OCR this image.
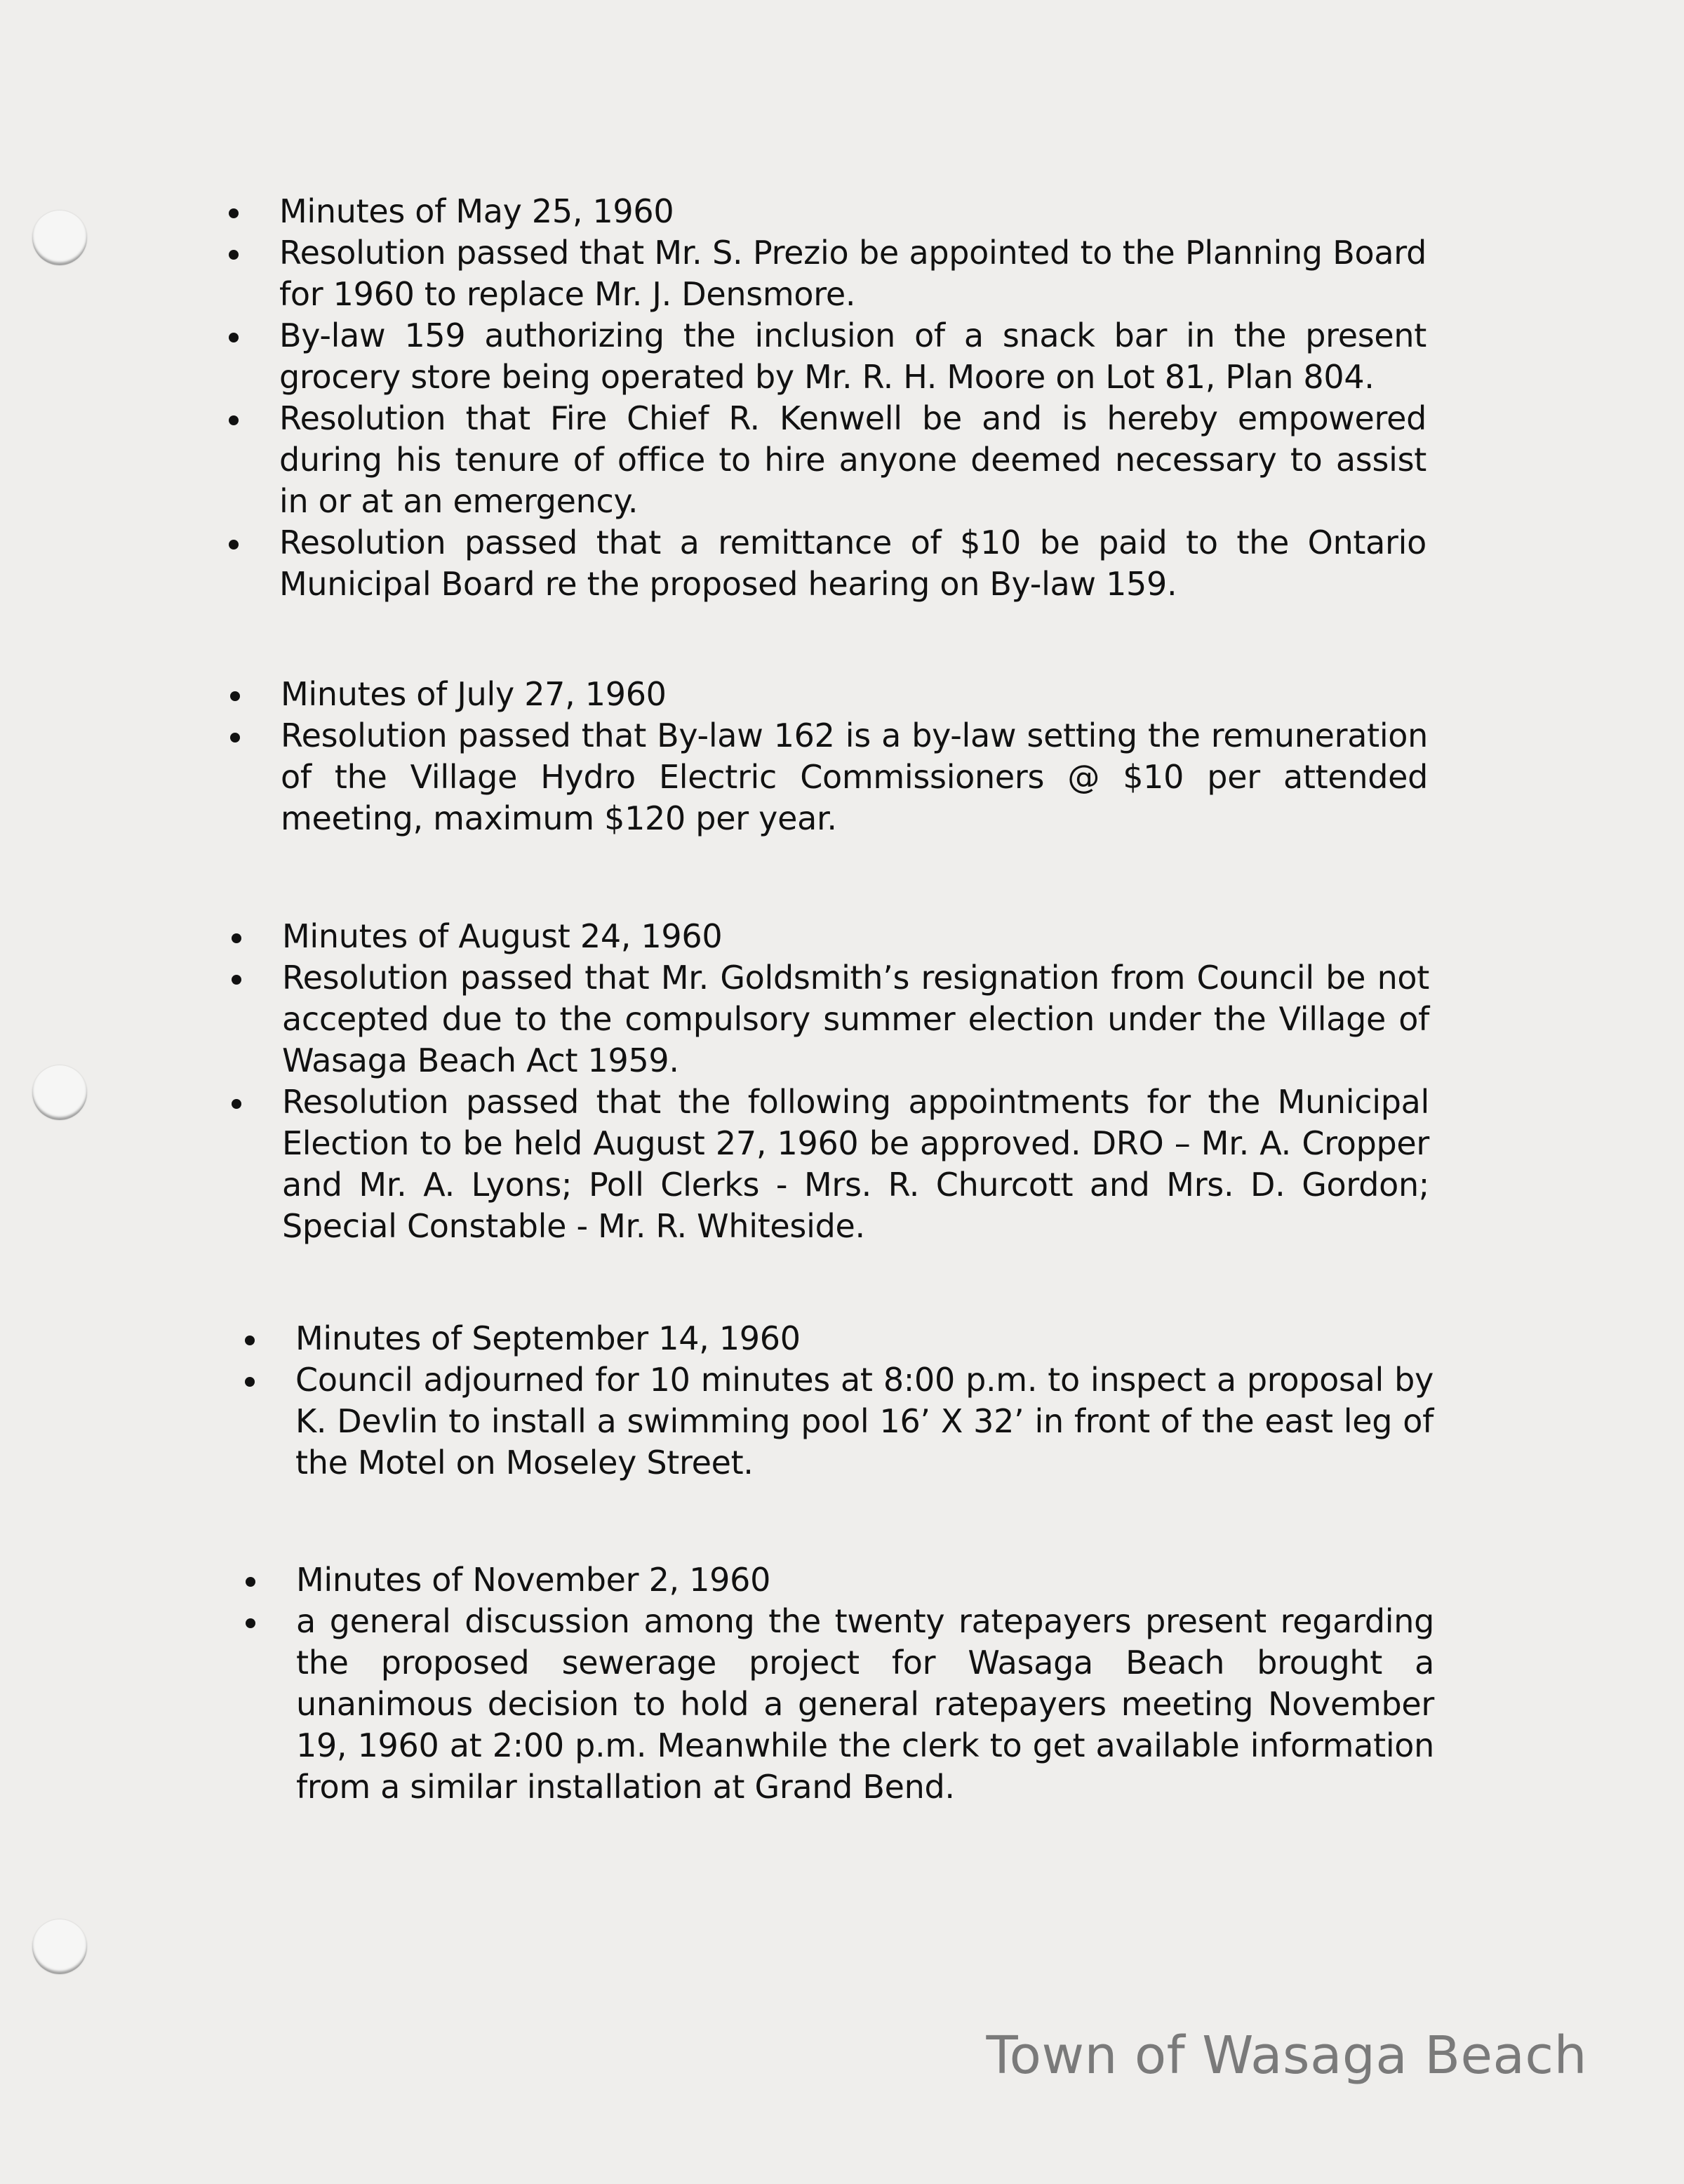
Minutes of May 25, 1960
Resolution passed that Mr. S. Prezio be appointed to the Planning Board for 1960 to replace Mr. J. Densmore.
By-law 159 authorizing the inclusion of a snack bar in the present grocery store being operated by Mr. R. H. Moore on Lot 81, Plan 804.
Resolution that Fire Chief R. Kenwell be and is hereby empowered during his tenure of office to hire anyone deemed necessary to assist in or at an emergency.
Resolution passed that a remittance of $10 be paid to the Ontario Municipal Board re the proposed hearing on By-law 159.
Minutes of July 27, 1960
Resolution passed that By-law 162 is a by-law setting the remuneration of the Village Hydro Electric Commissioners @ $10 per attended meeting, maximum $120 per year.
Minutes of August 24, 1960
Resolution passed that Mr. Goldsmith’s resignation from Council be not accepted due to the compulsory summer election under the Village of Wasaga Beach Act 1959.
Resolution passed that the following appointments for the Municipal Election to be held August 27, 1960 be approved. DRO – Mr. A. Cropper and Mr. A. Lyons; Poll Clerks - Mrs. R. Churcott and Mrs. D. Gordon; Special Constable - Mr. R. Whiteside.
Minutes of September 14, 1960
Council adjourned for 10 minutes at 8:00 p.m. to inspect a proposal by K. Devlin to install a swimming pool 16’ X 32’ in front of the east leg of the Motel on Moseley Street.
Minutes of November 2, 1960
a general discussion among the twenty ratepayers present regarding the proposed sewerage project for Wasaga Beach brought a unanimous decision to hold a general ratepayers meeting November 19, 1960 at 2:00 p.m. Meanwhile the clerk to get available information from a similar installation at Grand Bend.
Town of Wasaga Beach
